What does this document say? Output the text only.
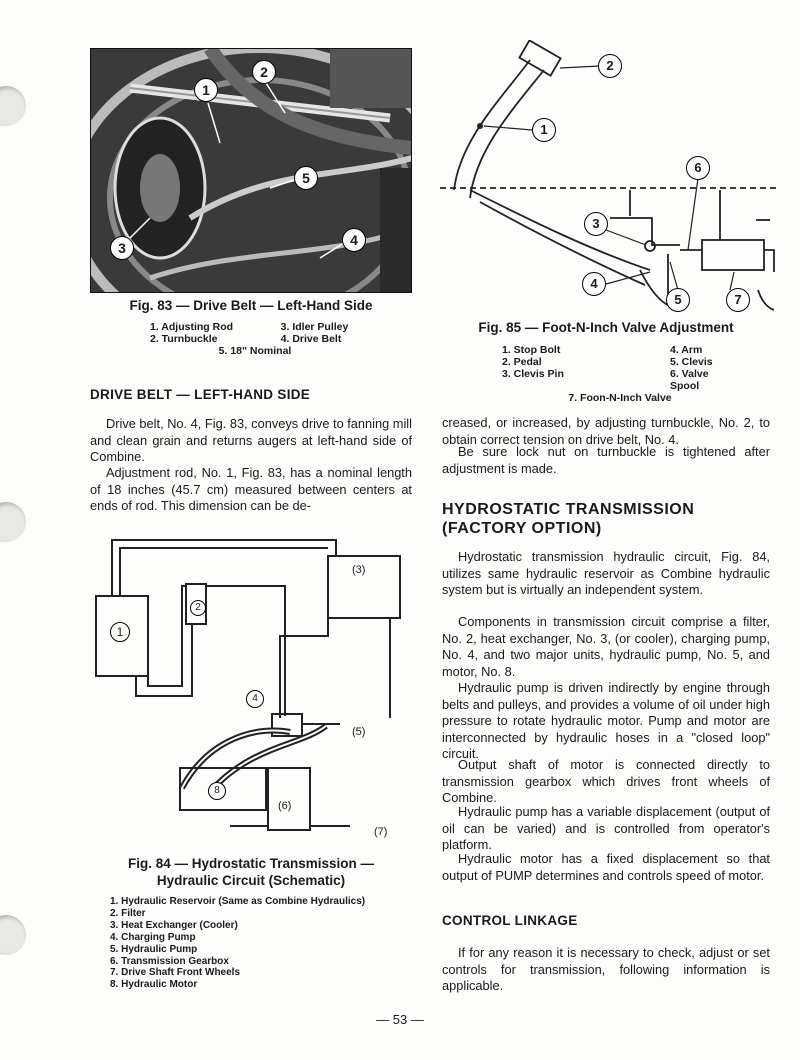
1
2
3	4
5
Fig. 83 — Drive Belt — Left-Hand Side
1. Adjusting Rod	3. Idler Pulley
2. Turnbuckle	4. Drive Belt
5. 18" Nominal
DRIVE BELT — LEFT-HAND SIDE

Drive belt, No. 4, Fig. 83, conveys drive to fanning mill and clean grain and returns augers at left-hand side of Combine.

Adjustment rod, No. 1, Fig. 83, has a nominal length of 18 inches (45.7 cm) measured between centers at ends of rod. This dimension can be de-

1
2
(3)
4
(5)
(6)
(7)
8
Fig. 84 — Hydrostatic Transmission —
Hydraulic Circuit (Schematic)
1. Hydraulic Reservoir (Same as Combine Hydraulics)
2. Filter
3. Heat Exchanger (Cooler)
4. Charging Pump
5. Hydraulic Pump
6. Transmission Gearbox
7. Drive Shaft Front Wheels
8. Hydraulic Motor
1
2
3
4
5
6
7
Fig. 85 — Foot-N-Inch Valve Adjustment
1. Stop Bolt	4. Arm
2. Pedal	5. Clevis
3. Clevis Pin	6. Valve Spool
7. Foon-N-Inch Valve

creased, or increased, by adjusting turnbuckle, No. 2, to obtain correct tension on drive belt, No. 4.

Be sure lock nut on turnbuckle is tightened after adjustment is made.

HYDROSTATIC TRANSMISSION
(FACTORY OPTION)

Hydrostatic transmission hydraulic circuit, Fig. 84, utilizes same hydraulic reservoir as Combine hydraulic system but is virtually an independent system.

Components in transmission circuit comprise a filter, No. 2, heat exchanger, No. 3, (or cooler), charging pump, No. 4, and two major units, hydraulic pump, No. 5, and motor, No. 8.

Hydraulic pump is driven indirectly by engine through belts and pulleys, and provides a volume of oil under high pressure to rotate hydraulic motor. Pump and motor are interconnected by hydraulic hoses in a "closed loop" circuit.

Output shaft of motor is connected directly to transmission gearbox which drives front wheels of Combine.

Hydraulic pump has a variable displacement (output of oil can be varied) and is controlled from operator's platform.

Hydraulic motor has a fixed displacement so that output of PUMP determines and controls speed of motor.

CONTROL LINKAGE

If for any reason it is necessary to check, adjust or set controls for transmission, following information is applicable.

— 53 —
